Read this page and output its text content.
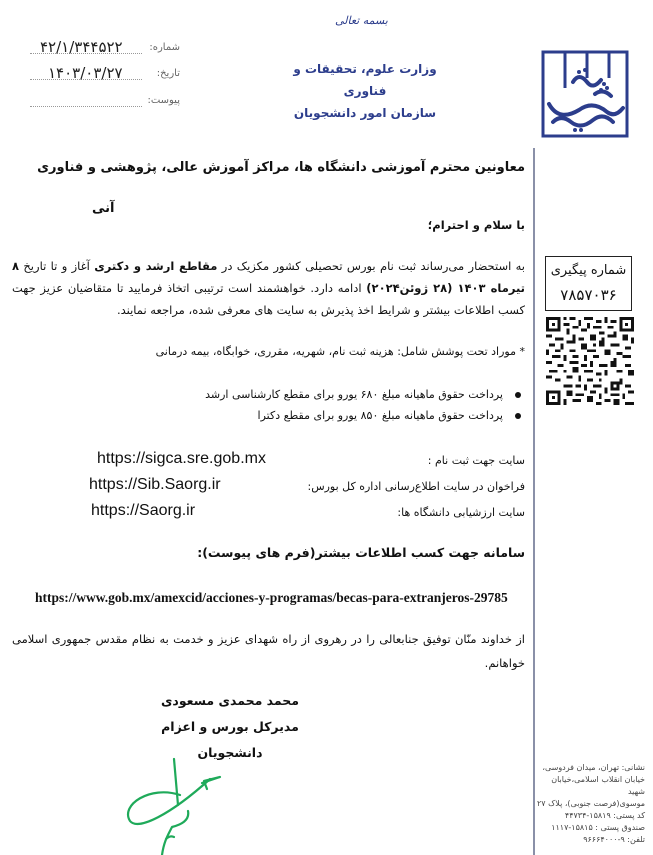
بسمه تعالی
وزارت علوم، تحقیقات و فناوری
سازمان امور دانشجویان
شماره:
۴۲/۱/۳۴۴۵۲۲
تاریخ:
۱۴۰۳/۰۳/۲۷
پیوست:
معاونین محترم آموزشی دانشگاه ها، مراکز آموزش عالی، پژوهشی و فناوری
آنی
با سلام و احترام؛
به استحضار می‌رساند ثبت نام بورس تحصیلی کشور مکزیک در مقاطع ارشد و دکتری آغاز و تا تاریخ ۸ تیرماه ۱۴۰۳ (۲۸ ژوئن۲۰۲۴) ادامه دارد. خواهشمند است ترتیبی اتخاذ فرمایید تا متقاضیان عزیز جهت کسب اطلاعات بیشتر و شرایط اخذ پذیرش به سایت های معرفی شده، مراجعه نمایند.
* موراد تحت پوشش شامل: هزینه ثبت نام، شهریه، مقرری، خوابگاه، بیمه درمانی
پرداخت حقوق ماهیانه مبلغ ۶۸۰ یورو برای مقطع کارشناسی ارشد
پرداخت حقوق ماهیانه مبلغ ۸۵۰ یورو برای مقطع دکترا
سایت جهت ثبت نام :
https://sigca.sre.gob.mx
فراخوان در سایت اطلاع‌رسانی اداره کل بورس:
https://Sib.Saorg.ir
سایت ارزشیابی دانشگاه ها:
https://Saorg.ir
سامانه جهت کسب اطلاعات بیشتر(فرم های پیوست):
https://www.gob.mx/amexcid/acciones-y-programas/becas-para-extranjeros-29785
از خداوند منّان توفیق جنابعالی را در رهروی از راه شهدای عزیز و خدمت به نظام مقدس جمهوری اسلامی خواهانم.
محمد محمدی مسعودی
مدیرکل بورس و اعزام دانشجویان
شماره پیگیری
۷۸۵۷۰۳۶
نشانی: تهران، میدان فردوسی،
خیابان انقلاب اسلامی،خیابان شهید
موسوی(فرصت جنوبی)، پلاک ۲۷
کد پستی: ۱۵۸۱۹-۴۴۷۳۴
صندوق پستی : ۱۵۸۱۵-۱۱۱۷
تلفن: ۹-۹۶۶۶۴۰۰۰
